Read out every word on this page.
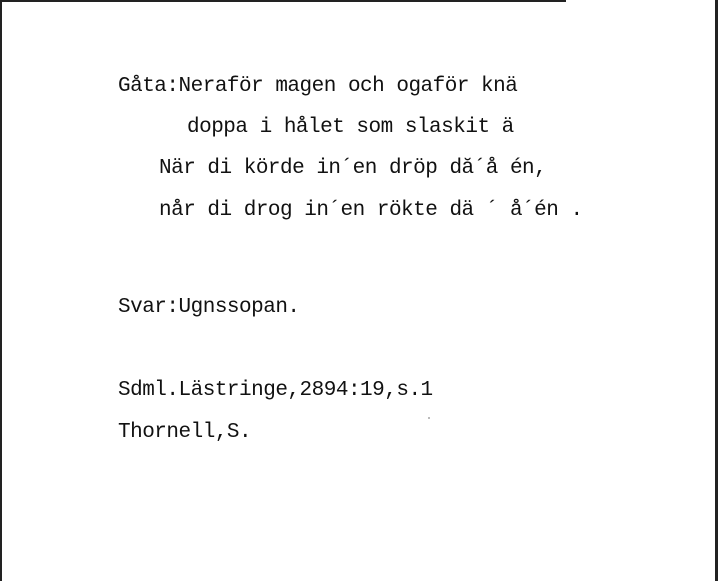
Gåta:Neraför magen och ogaför knä
doppa i hålet som slaskit ä
När di körde in´en dröp dă´å én,
når di drog in´en rökte dä ´ å´én .
Svar:Ugnssopan.
Sdml.Lästringe,2894:19,s.1
Thornell,S.
